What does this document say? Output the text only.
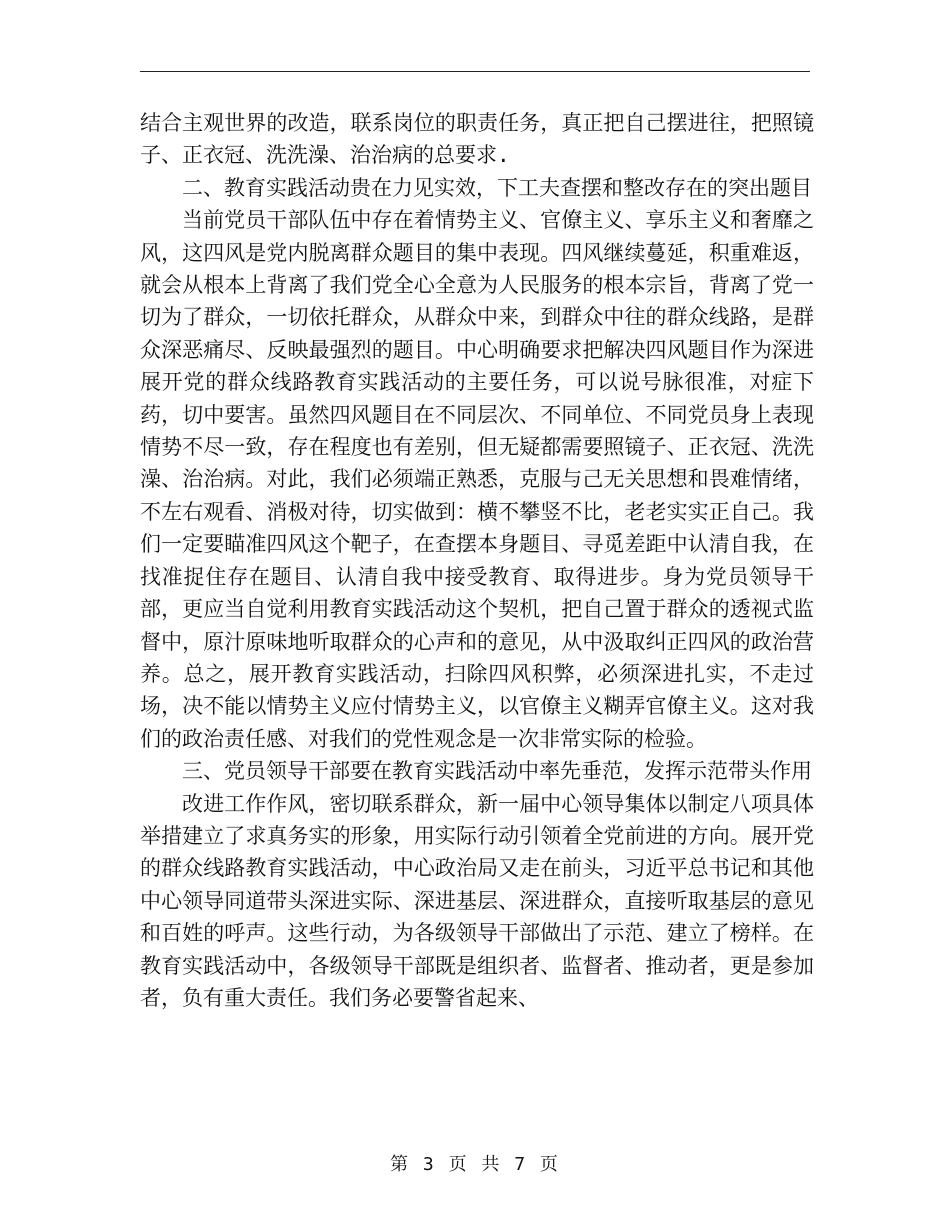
结合主观世界的改造，联系岗位的职责任务，真正把自己摆进往，把照镜子、正衣冠、洗洗澡、治治病的总要求.

二、教育实践活动贵在力见实效，下工夫查摆和整改存在的突出题目

当前党员干部队伍中存在着情势主义、官僚主义、享乐主义和奢靡之风，这四风是党内脱离群众题目的集中表现。四风继续蔓延，积重难返，就会从根本上背离了我们党全心全意为人民服务的根本宗旨，背离了党一切为了群众，一切依托群众，从群众中来，到群众中往的群众线路，是群众深恶痛尽、反映最强烈的题目。中心明确要求把解决四风题目作为深进展开党的群众线路教育实践活动的主要任务，可以说号脉很准，对症下药，切中要害。虽然四风题目在不同层次、不同单位、不同党员身上表现情势不尽一致，存在程度也有差别，但无疑都需要照镜子、正衣冠、洗洗澡、治治病。对此，我们必须端正熟悉，克服与己无关思想和畏难情绪，不左右观看、消极对待，切实做到：横不攀竖不比，老老实实正自己。我们一定要瞄准四风这个靶子，在查摆本身题目、寻觅差距中认清自我，在找准捉住存在题目、认清自我中接受教育、取得进步。身为党员领导干部，更应当自觉利用教育实践活动这个契机，把自己置于群众的透视式监督中，原汁原味地听取群众的心声和的意见，从中汲取纠正四风的政治营养。总之，展开教育实践活动，扫除四风积弊，必须深进扎实，不走过场，决不能以情势主义应付情势主义，以官僚主义糊弄官僚主义。这对我们的政治责任感、对我们的党性观念是一次非常实际的检验。

三、党员领导干部要在教育实践活动中率先垂范，发挥示范带头作用

改进工作作风，密切联系群众，新一届中心领导集体以制定八项具体举措建立了求真务实的形象，用实际行动引领着全党前进的方向。展开党的群众线路教育实践活动，中心政治局又走在前头，习近平总书记和其他中心领导同道带头深进实际、深进基层、深进群众，直接听取基层的意见和百姓的呼声。这些行动，为各级领导干部做出了示范、建立了榜样。在教育实践活动中，各级领导干部既是组织者、监督者、推动者，更是参加者，负有重大责任。我们务必要警省起来、

第 3 页 共 7 页
